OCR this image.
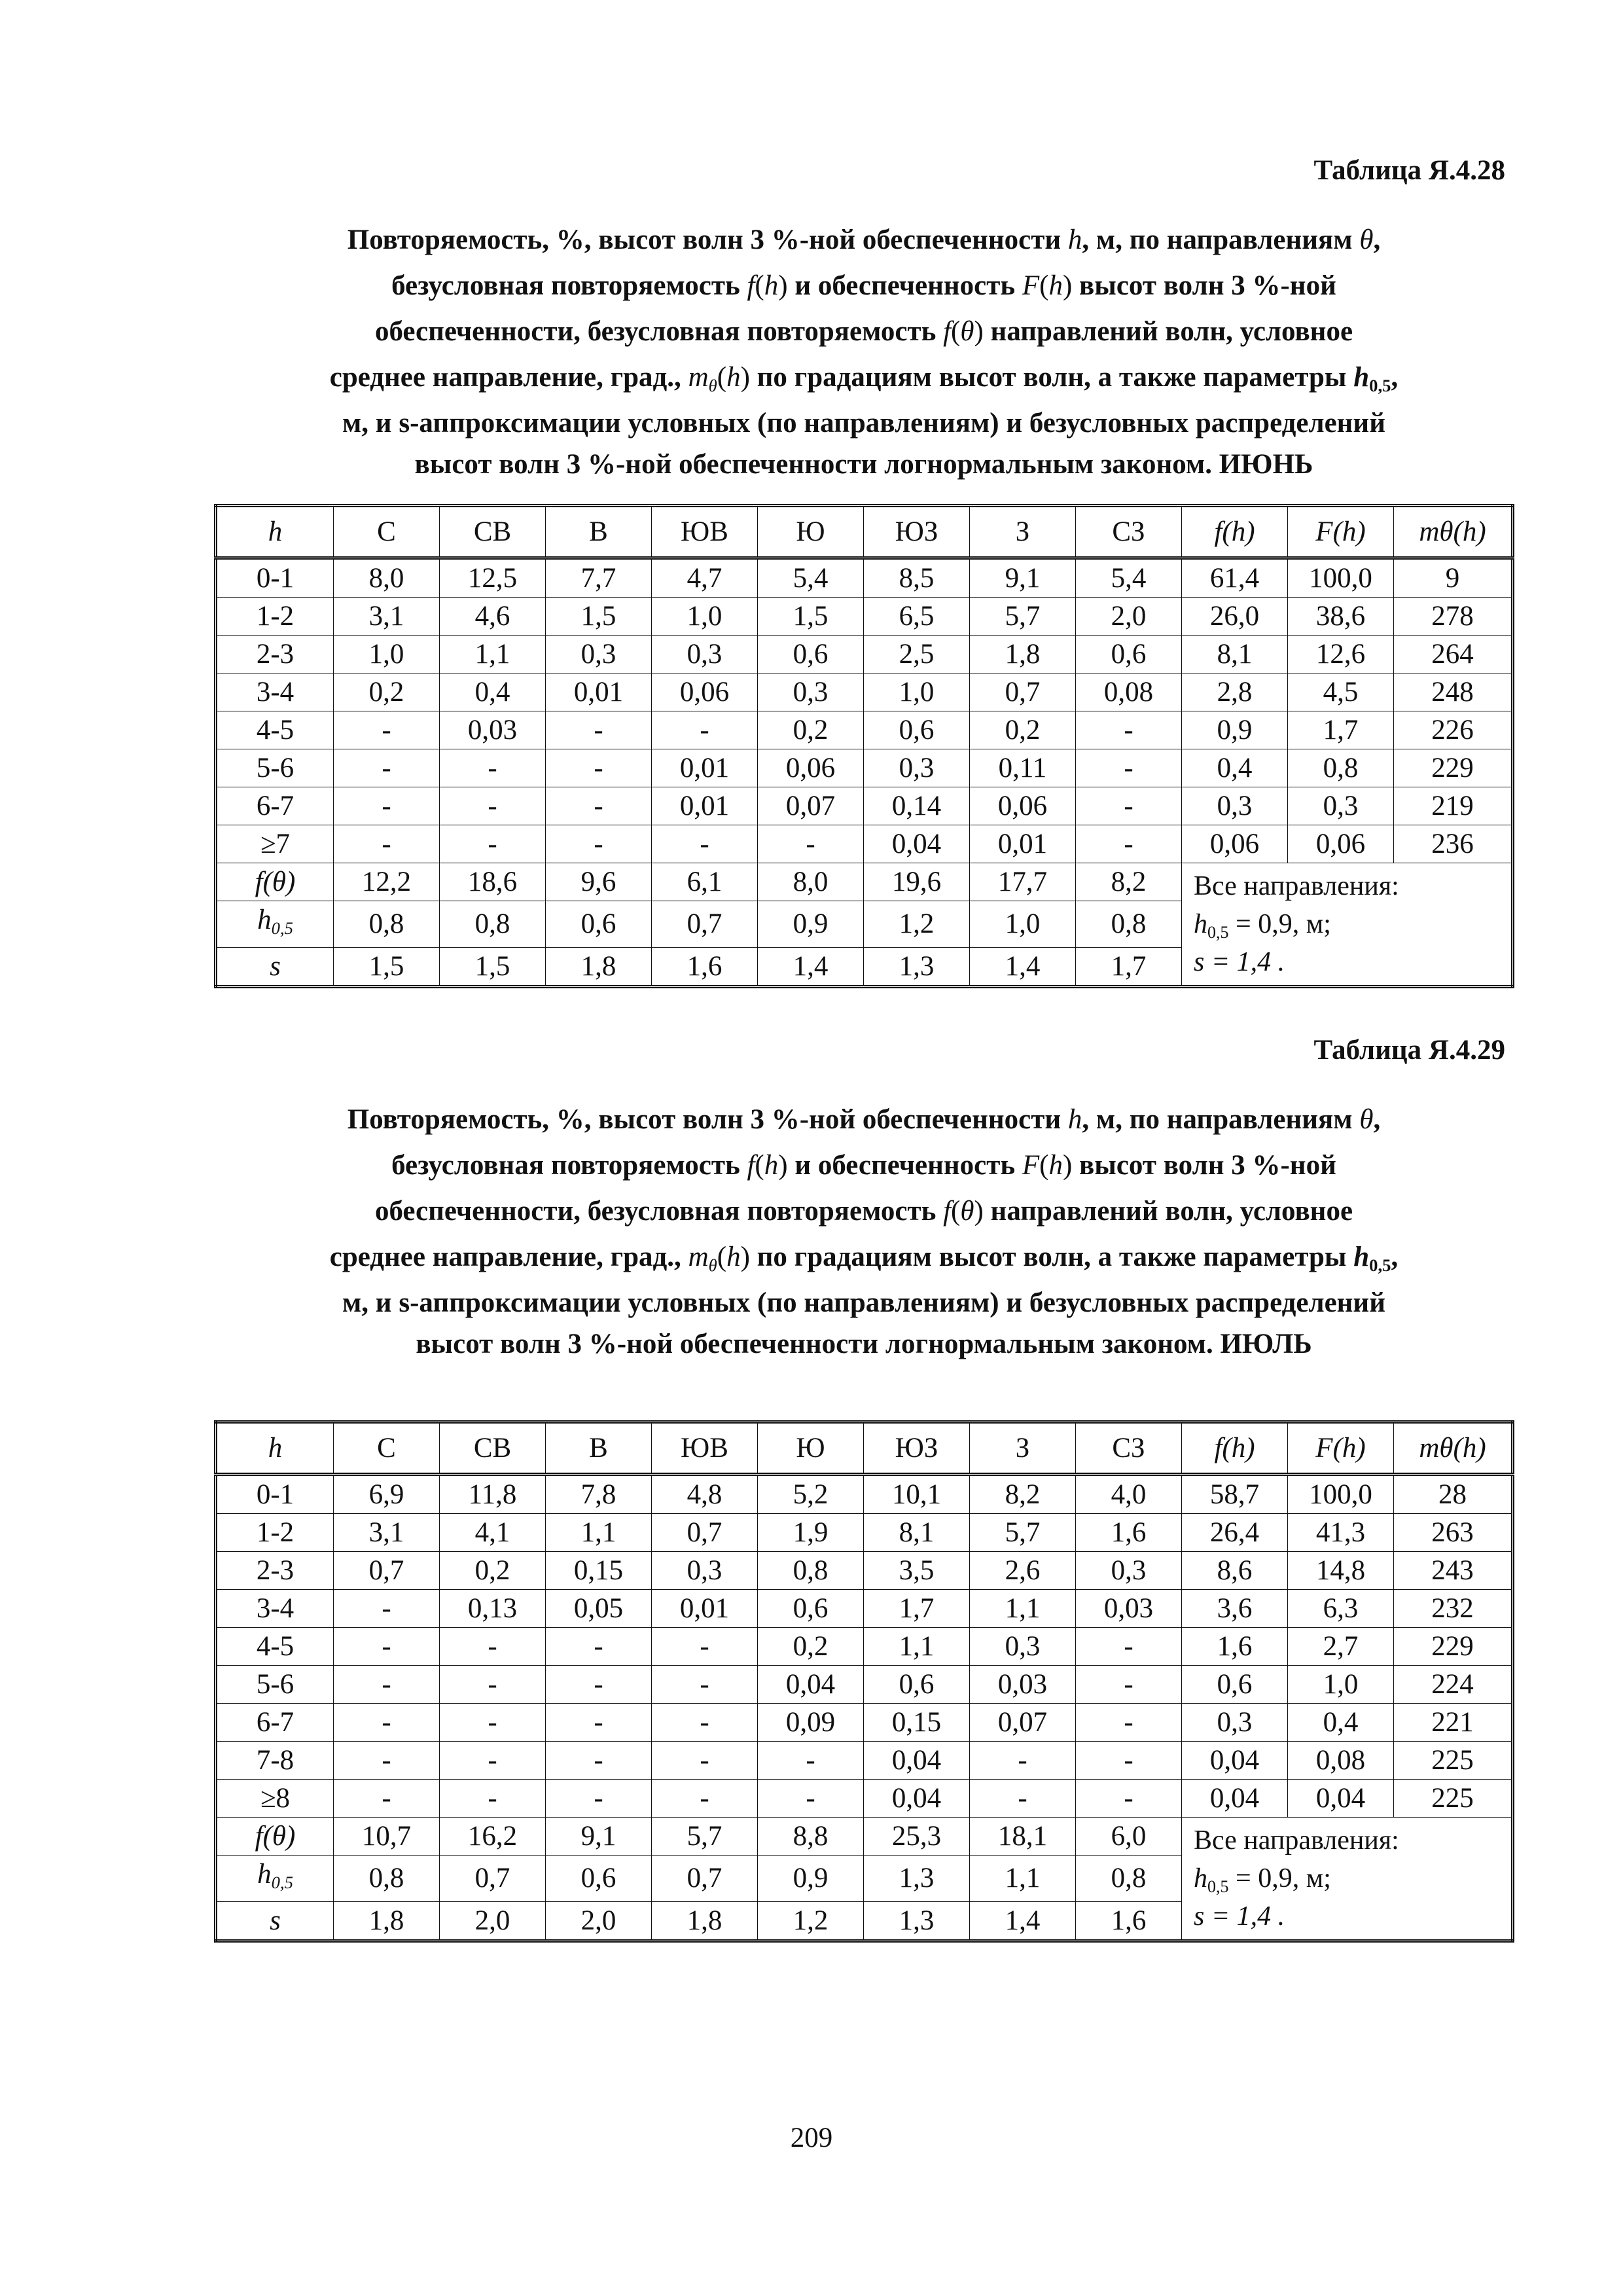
Таблица Я.4.28
Повторяемость, %, высот волн 3 %-ной обеспеченности h, м, по направлениям θ,
безусловная повторяемость f(h) и обеспеченность F(h) высот волн 3 %-ной
обеспеченности, безусловная повторяемость f(θ) направлений волн, условное
среднее направление, град., $m_\theta(h)$ по градациям высот волн, а также параметры $h_{0,5}$,
м, и s-аппроксимации условных (по направлениям) и безусловных распределений
высот волн 3 %-ной обеспеченности логнормальным законом. ИЮНЬ
h	С	СВ	В	ЮВ	Ю	ЮЗ	З	СЗ	f(h)	F(h)	mθ(h)
0-1	8,0	12,5	7,7	4,7	5,4	8,5	9,1	5,4	61,4	100,0	9
1-2	3,1	4,6	1,5	1,0	1,5	6,5	5,7	2,0	26,0	38,6	278
2-3	1,0	1,1	0,3	0,3	0,6	2,5	1,8	0,6	8,1	12,6	264
3-4	0,2	0,4	0,01	0,06	0,3	1,0	0,7	0,08	2,8	4,5	248
4-5	-	0,03	-	-	0,2	0,6	0,2	-	0,9	1,7	226
5-6	-	-	-	0,01	0,06	0,3	0,11	-	0,4	0,8	229
6-7	-	-	-	0,01	0,07	0,14	0,06	-	0,3	0,3	219
≥7	-	-	-	-	-	0,04	0,01	-	0,06	0,06	236
f(θ)	12,2	18,6	9,6	6,1	8,0	19,6	17,7	8,2	Все направления:
$h_{0,5} = 0,9$, м;
s = 1,4 .		

$h_{0,5}$	0,8	0,8	0,6	0,7	0,9	1,2	1,0	0,8			
s	1,5	1,5	1,8	1,6	1,4	1,3	1,4	1,7			
Таблица Я.4.29
Повторяемость, %, высот волн 3 %-ной обеспеченности h, м, по направлениям θ,
безусловная повторяемость f(h) и обеспеченность F(h) высот волн 3 %-ной
обеспеченности, безусловная повторяемость f(θ) направлений волн, условное
среднее направление, град., $m_\theta(h)$ по градациям высот волн, а также параметры $h_{0,5}$,
м, и s-аппроксимации условных (по направлениям) и безусловных распределений
высот волн 3 %-ной обеспеченности логнормальным законом. ИЮЛЬ
h	С	СВ	В	ЮВ	Ю	ЮЗ	З	СЗ	f(h)	F(h)	mθ(h)
0-1	6,9	11,8	7,8	4,8	5,2	10,1	8,2	4,0	58,7	100,0	28
1-2	3,1	4,1	1,1	0,7	1,9	8,1	5,7	1,6	26,4	41,3	263
2-3	0,7	0,2	0,15	0,3	0,8	3,5	2,6	0,3	8,6	14,8	243
3-4	-	0,13	0,05	0,01	0,6	1,7	1,1	0,03	3,6	6,3	232
4-5	-	-	-	-	0,2	1,1	0,3	-	1,6	2,7	229
5-6	-	-	-	-	0,04	0,6	0,03	-	0,6	1,0	224
6-7	-	-	-	-	0,09	0,15	0,07	-	0,3	0,4	221
7-8	-	-	-	-	-	0,04	-	-	0,04	0,08	225
≥8	-	-	-	-	-	0,04	-	-	0,04	0,04	225
f(θ)	10,7	16,2	9,1	5,7	8,8	25,3	18,1	6,0	Все направления:
$h_{0,5} = 0,9$, м;
s = 1,4 .		

$h_{0,5}$	0,8	0,7	0,6	0,7	0,9	1,3	1,1	0,8			
s	1,8	2,0	2,0	1,8	1,2	1,3	1,4	1,6			
209
